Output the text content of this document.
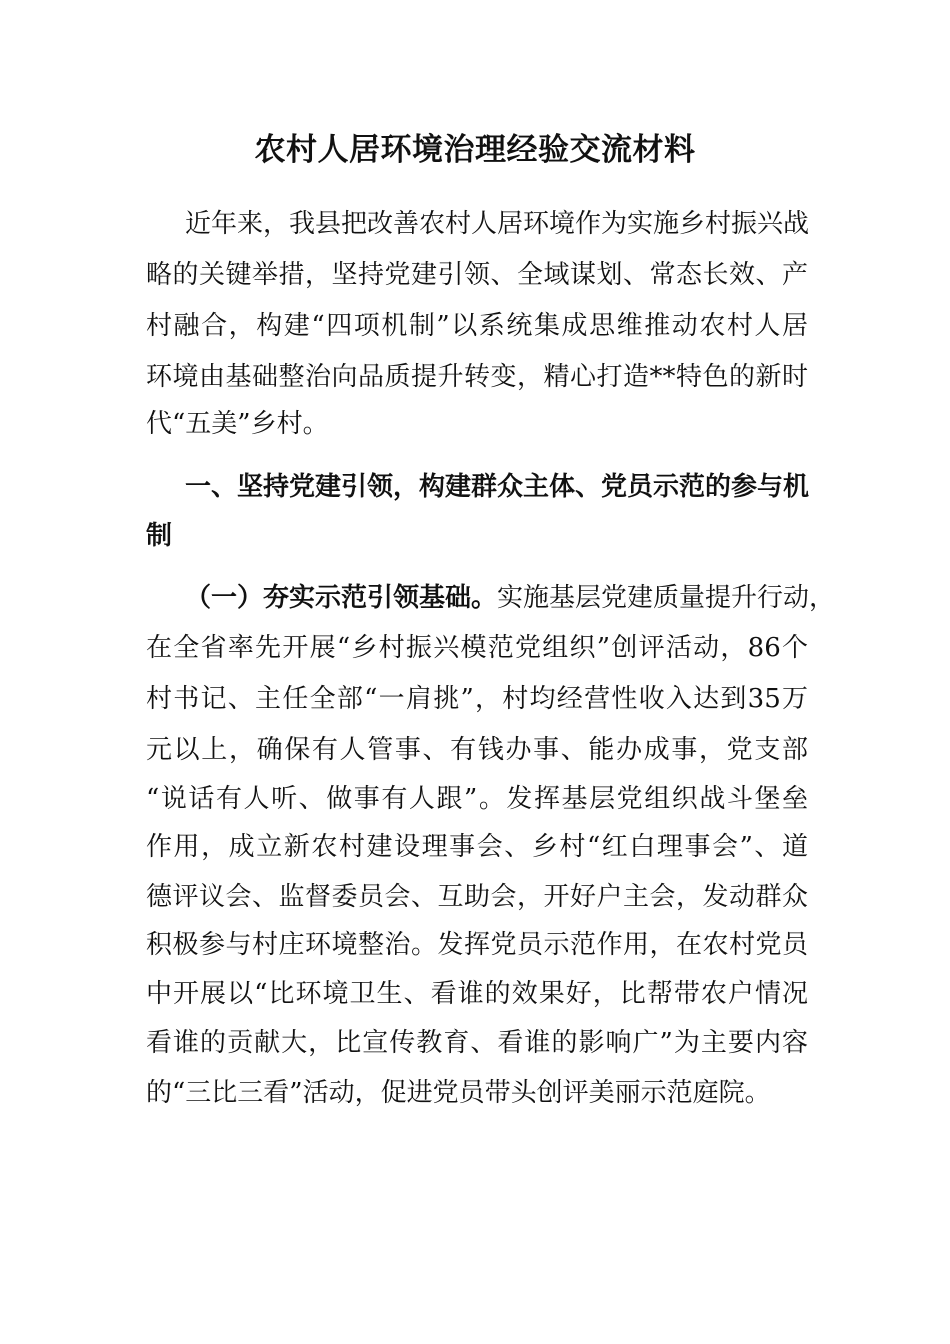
农村人居环境治理经验交流材料
近年来，我县把改善农村人居环境作为实施乡村振兴战
略的关键举措，坚持党建引领、全域谋划、常态长效、产
村融合，构建“四项机制”以系统集成思维推动农村人居
环境由基础整治向品质提升转变，精心打造**特色的新时
代“五美”乡村。
一、坚持党建引领，构建群众主体、党员示范的参与机
制
（一）夯实示范引领基础。实施基层党建质量提升行动，
在全省率先开展“乡村振兴模范党组织”创评活动，86个
村书记、主任全部“一肩挑”，村均经营性收入达到35万
元以上，确保有人管事、有钱办事、能办成事，党支部
“说话有人听、做事有人跟”。发挥基层党组织战斗堡垒
作用，成立新农村建设理事会、乡村“红白理事会”、道
德评议会、监督委员会、互助会，开好户主会，发动群众
积极参与村庄环境整治。发挥党员示范作用，在农村党员
中开展以“比环境卫生、看谁的效果好，比帮带农户情况
看谁的贡献大，比宣传教育、看谁的影响广”为主要内容
的“三比三看”活动，促进党员带头创评美丽示范庭院。
